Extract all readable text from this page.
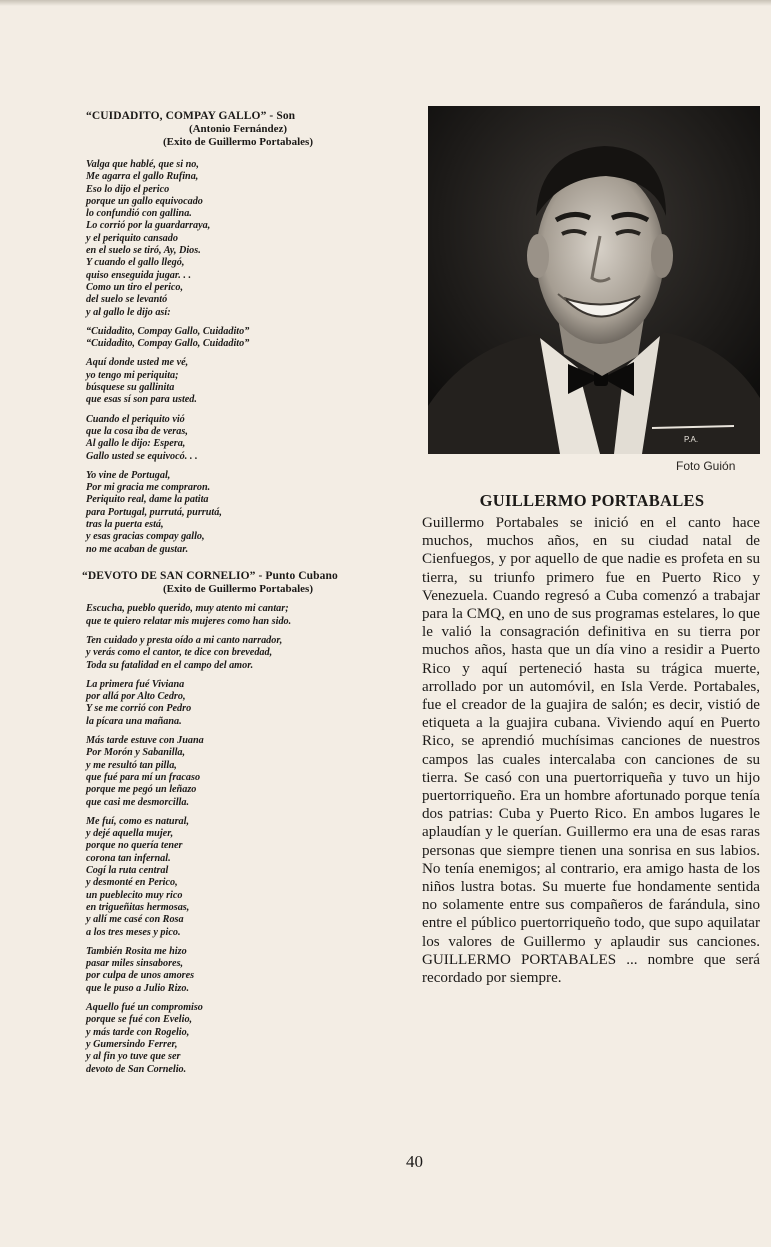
“CUIDADITO, COMPAY GALLO” - Son

(Antonio Fernández)

(Exito de Guillermo Portabales)

Valga que hablé, que si no,
Me agarra el gallo Rufina,
Eso lo dijo el perico
porque un gallo equivocado
lo confundió con gallina.
Lo corrió por la guardarraya,
y el periquito cansado
en el suelo se tiró, Ay, Dios.
Y cuando el gallo llegó,
quiso enseguida jugar. . .
Como un tiro el perico,
del suelo se levantó
y al gallo le dijo así:

“Cuidadito, Compay Gallo, Cuidadito”
“Cuidadito, Compay Gallo, Cuidadito”

Aquí donde usted me vé,
yo tengo mi periquita;
búsquese su gallinita
que esas sí son para usted.

Cuando el periquito vió
que la cosa iba de veras,
Al gallo le dijo: Espera,
Gallo usted se equivocó. . .

Yo vine de Portugal,
Por mi gracia me compraron.
Periquito real, dame la patita
para Portugal, purrutá, purrutá,
tras la puerta está,
y esas gracias compay gallo,
no me acaban de gustar.

“DEVOTO DE SAN CORNELIO” - Punto Cubano

(Exito de Guillermo Portabales)

Escucha, pueblo querido, muy atento mi cantar;
que te quiero relatar mis mujeres como han sido.

Ten cuidado y presta oído a mi canto narrador,
y verás como el cantor, te dice con brevedad,
Toda su fatalidad en el campo del amor.

La primera fué Viviana
por allá por Alto Cedro,
Y se me corrió con Pedro
la pícara una mañana.

Más tarde estuve con Juana
Por Morón y Sabanilla,
y me resultó tan pilla,
que fué para mí un fracaso
porque me pegó un leñazo
que casi me desmorcilla.

Me fuí, como es natural,
y dejé aquella mujer,
porque no quería tener
corona tan infernal.
Cogí la ruta central
y desmonté en Perico,
un pueblecito muy rico
en trigueñitas hermosas,
y allí me casé con Rosa
a los tres meses y pico.

También Rosita me hizo
pasar miles sinsabores,
por culpa de unos amores
que le puso a Julio Rizo.

Aquello fué un compromiso
porque se fué con Evelio,
y más tarde con Rogelio,
y Gumersindo Ferrer,
y al fin yo tuve que ser
devoto de San Cornelio.

P.A.
Foto Guión
GUILLERMO PORTABALES

Guillermo Portabales se inició en el canto hace muchos, muchos años, en su ciudad natal de Cienfuegos, y por aquello de que nadie es profeta en su tierra, su triunfo primero fue en Puerto Rico y Venezuela. Cuando regresó a Cuba comenzó a trabajar para la CMQ, en uno de sus programas estelares, lo que le valió la consagración definitiva en su tierra por muchos años, hasta que un día vino a residir a Puerto Rico y aquí perteneció hasta su trágica muerte, arrollado por un automóvil, en Isla Verde. Portabales, fue el creador de la guajira de salón; es decir, vistió de etiqueta a la guajira cubana. Viviendo aquí en Puerto Rico, se aprendió muchísimas canciones de nuestros campos las cuales intercalaba con canciones de su tierra. Se casó con una puertorriqueña y tuvo un hijo puertorriqueño. Era un hombre afortunado porque tenía dos patrias: Cuba y Puerto Rico. En ambos lugares le aplaudían y le querían. Guillermo era una de esas raras personas que siempre tienen una sonrisa en sus labios. No tenía enemigos; al contrario, era amigo hasta de los niños lustra botas. Su muerte fue hondamente sentida no solamente entre sus compañeros de farándula, sino entre el público puertorriqueño todo, que supo aquilatar los valores de Guillermo y aplaudir sus canciones. GUILLERMO PORTABALES ... nombre que será recordado por siempre.

40
